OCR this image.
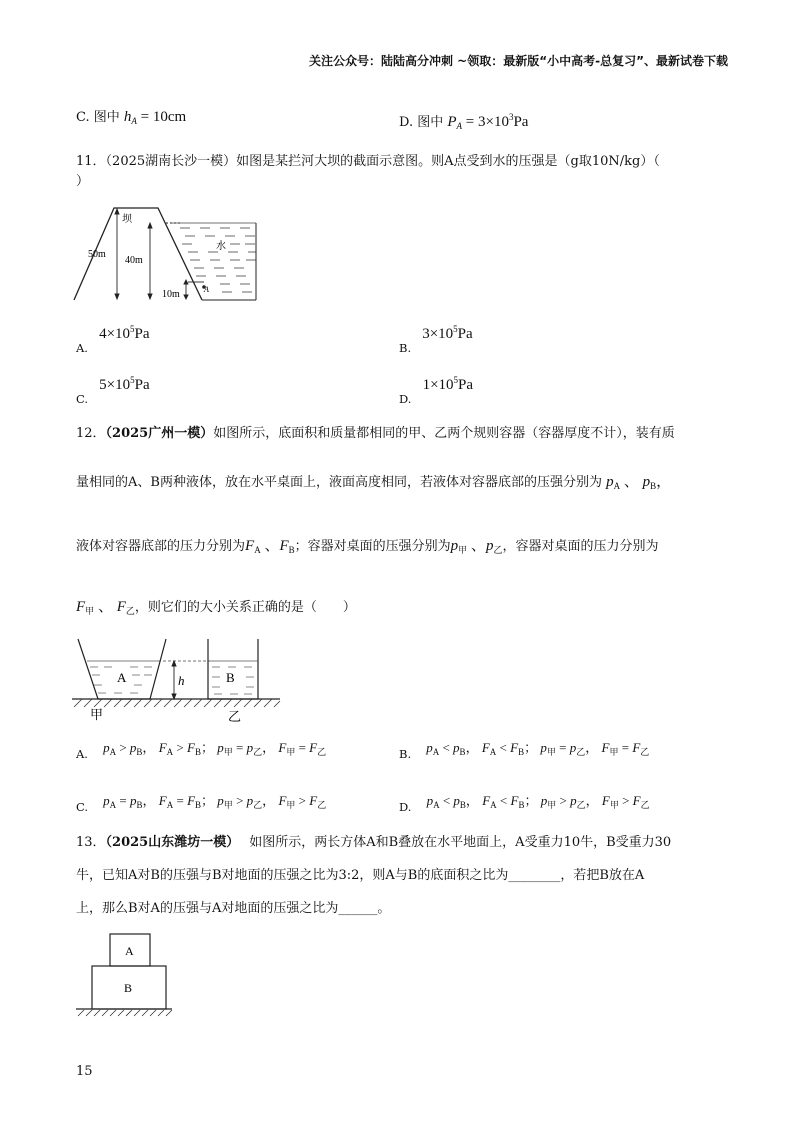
关注公众号：陆陆高分冲刺 ~领取：最新版“小中高考-总复习”、最新试卷下载
C. 图中 $h_A = 10cm$	D. 图中 $P_A = 3\times 10^3Pa$
11．（2025湖南长沙一模）如图是某拦河大坝的截面示意图。则A点受到水的压强是（g取10N/kg）（
）
坝
水
50m
40m
10m	A
$_{A.}$ $4\times 10^5Pa$
$_{B.}$ $3\times 10^5Pa$
$_{C.}$ $5\times 10^5Pa$
$_{D.}$ $1\times 10^5Pa$
12．（2025广州一模）如图所示，底面积和质量都相同的甲、乙两个规则容器（容器厚度不计），装有质
量相同的A、B两种液体，放在水平桌面上，液面高度相同，若液体对容器底部的压强分别为 $p_A$ 、 $p_B$，
液体对容器底部的压力分别为$F_A$ 、$F_B$；容器对桌面的压强分别为$p_甲$ 、$p_乙$，容器对桌面的压力分别为
$F_甲$ 、 $F_乙$，则它们的大小关系正确的是（　　）
A	B
h
甲	乙
$_{A.}$ $p_A > p_B$， $F_A > F_B$； $p_甲 = p_乙$， $F_甲 = F_乙$	$_{B.}$ $p_A < p_B$， $F_A < F_B$； $p_甲 = p_乙$， $F_甲 = F_乙$
$_{C.}$ $p_A = p_B$， $F_A = F_B$； $p_甲 > p_乙$， $F_甲 > F_乙$	$_{D.}$ $p_A < p_B$， $F_A < F_B$； $p_甲 > p_乙$， $F_甲 > F_乙$
13．（2025山东潍坊一模） 如图所示，两长方体A和B叠放在水平地面上，A受重力10牛，B受重力30
牛，已知A对B的压强与B对地面的压强之比为3:2，则A与B的底面积之比为________，若把B放在A
上，那么B对A的压强与A对地面的压强之比为______。
A
B
15
